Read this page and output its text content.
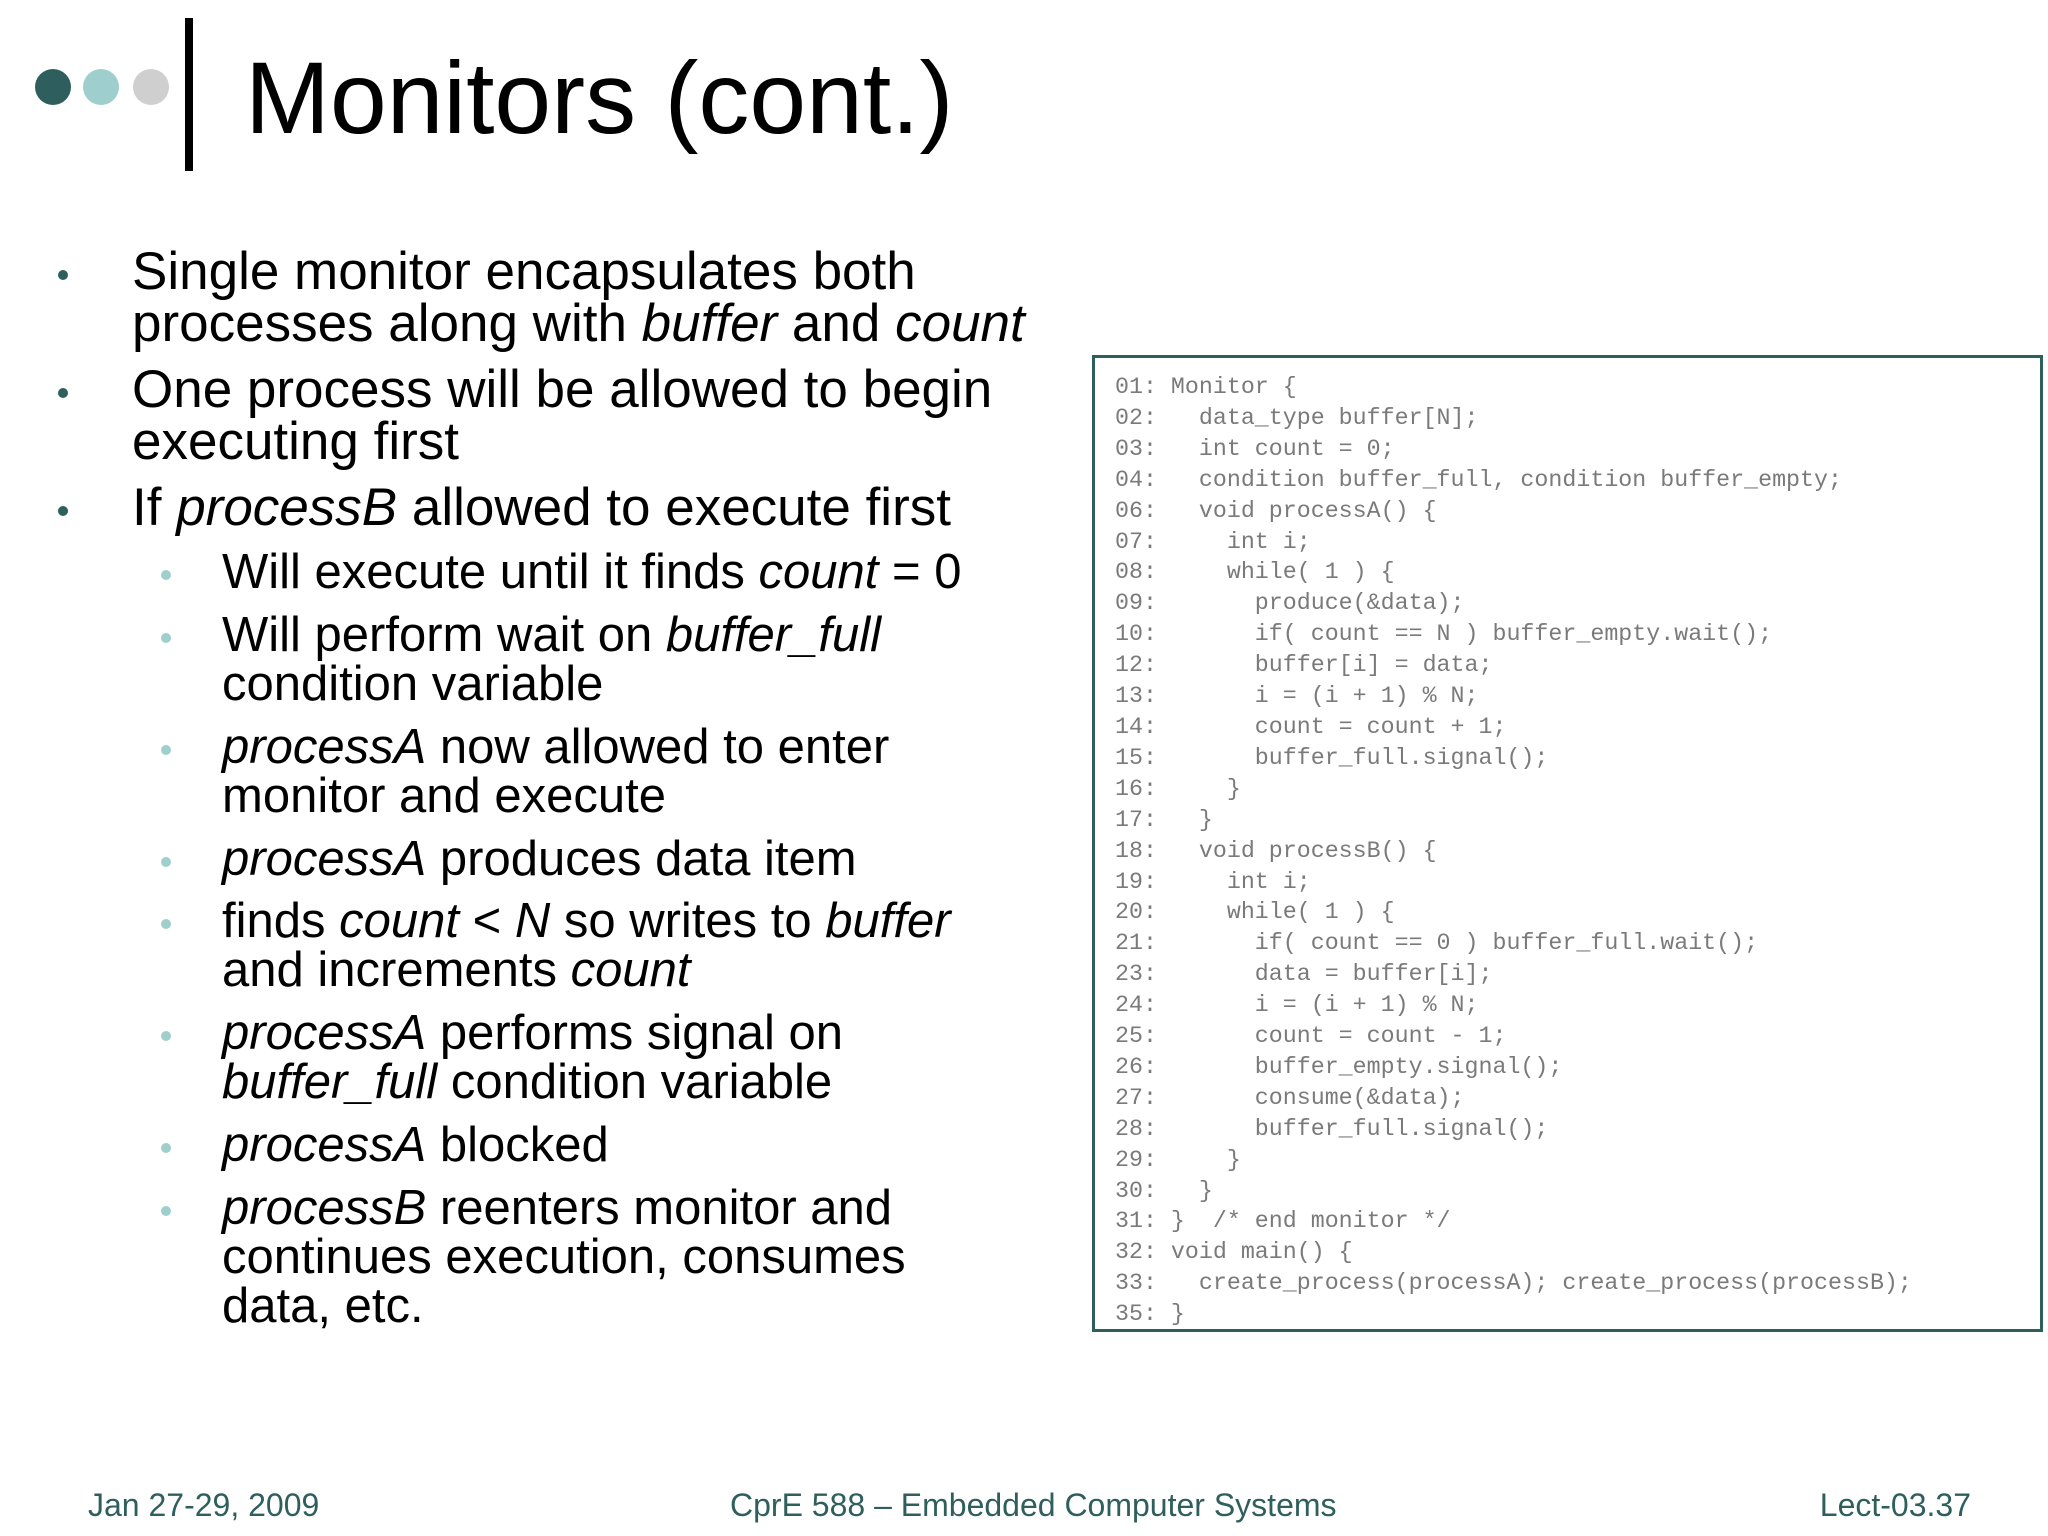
Monitors (cont.)
Single monitor encapsulates both
processes along with buffer and count
One process will be allowed to begin
executing first
If processB allowed to execute first
Will execute until it finds count = 0
Will perform wait on buffer_full
condition variable
processA now allowed to enter
monitor and execute
processA produces data item
finds count < N so writes to buffer
and increments count
processA performs signal on
buffer_full condition variable
processA blocked
processB reenters monitor and
continues execution, consumes
data, etc.
01: Monitor {
02:   data_type buffer[N];
03:   int count = 0;
04:   condition buffer_full, condition buffer_empty;
06:   void processA() {
07:     int i;
08:     while( 1 ) {
09:       produce(&data);
10:       if( count == N ) buffer_empty.wait();
12:       buffer[i] = data;
13:       i = (i + 1) % N;
14:       count = count + 1;
15:       buffer_full.signal();
16:     }
17:   }
18:   void processB() {
19:     int i;
20:     while( 1 ) {
21:       if( count == 0 ) buffer_full.wait();
23:       data = buffer[i];
24:       i = (i + 1) % N;
25:       count = count - 1;
26:       buffer_empty.signal();
27:       consume(&data);
28:       buffer_full.signal();
29:     }
30:   }
31: }  /* end monitor */
32: void main() {
33:   create_process(processA); create_process(processB);
35: }
Jan 27-29, 2009	CprE 588 – Embedded Computer Systems	Lect-03.37
